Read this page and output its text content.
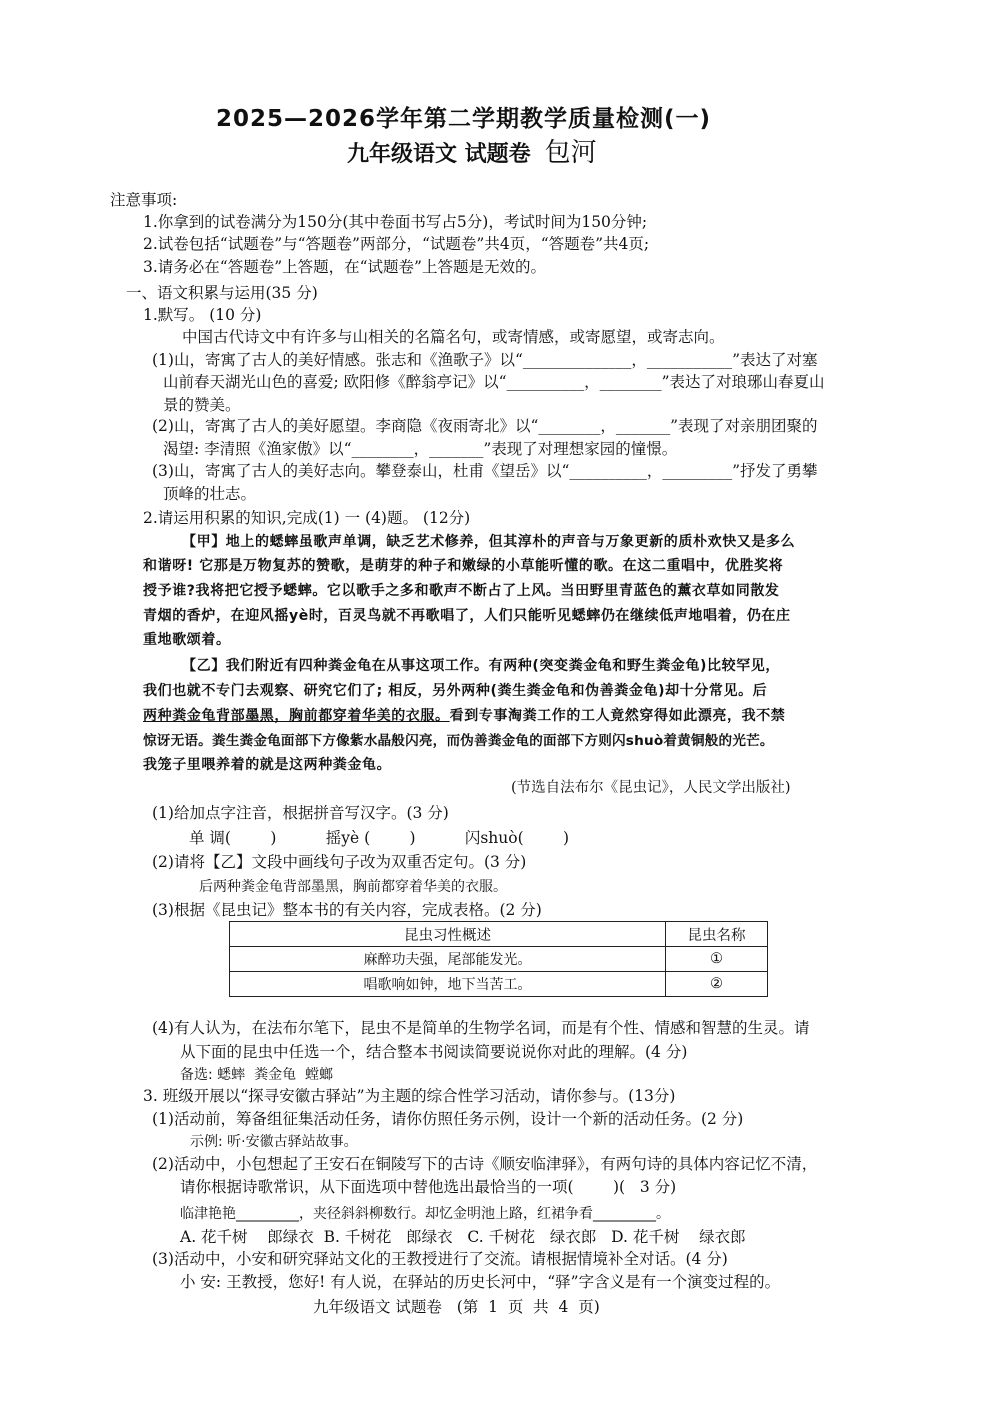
2025—2026学年第二学期教学质量检测(一)
九年级语文 试题卷 包河
注意事项:
1.你拿到的试卷满分为150分(其中卷面书写占5分)，考试时间为150分钟;
2.试卷包括“试题卷”与“答题卷”两部分，“试题卷”共4页，“答题卷”共4页;
3.请务必在“答题卷”上答题，在“试题卷”上答题是无效的。
一、语文积累与运用(35 分)
1.默写。 (10 分)
中国古代诗文中有许多与山相关的名篇名句，或寄情感，或寄愿望，或寄志向。
(1)山，寄寓了古人的美好情感。张志和《渔歌子》以“______________，___________”表达了对塞
山前春天湖光山色的喜爱; 欧阳修《醉翁亭记》以“__________，________”表达了对琅琊山春夏山
景的赞美。
(2)山，寄寓了古人的美好愿望。李商隐《夜雨寄北》以“________，_______”表现了对亲朋团聚的
渴望: 李清照《渔家傲》以“________，_______”表现了对理想家园的憧憬。
(3)山，寄寓了古人的美好志向。攀登泰山，杜甫《望岳》以“__________，_________”抒发了勇攀
顶峰的壮志。
2.请运用积累的知识,完成(1) 一 (4)题。 (12分)
【甲】地上的蟋蟀虽歌声单调，缺乏艺术修养，但其淳朴的声音与万象更新的质朴欢快又是多么
和谐呀! 它那是万物复苏的赞歌，是萌芽的种子和嫩绿的小草能听懂的歌。在这二重唱中，优胜奖将
授予谁?我将把它授予蟋蟀。它以歌手之多和歌声不断占了上风。当田野里青蓝色的薰衣草如同散发
青烟的香炉，在迎风摇yè时，百灵鸟就不再歌唱了，人们只能听见蟋蟀仍在继续低声地唱着，仍在庄
重地歌颂着。
【乙】我们附近有四种粪金龟在从事这项工作。有两种(突变粪金龟和野生粪金龟)比较罕见，
我们也就不专门去观察、研究它们了; 相反，另外两种(粪生粪金龟和伪善粪金龟)却十分常见。后
两种粪金龟背部墨黑，胸前都穿着华美的衣服。看到专事淘粪工作的工人竟然穿得如此漂亮，我不禁
惊讶无语。粪生粪金龟面部下方像紫水晶般闪亮，而伪善粪金龟的面部下方则闪shuò着黄铜般的光芒。
我笼子里喂养着的就是这两种粪金龟。
(节选自法布尔《昆虫记》，人民文学出版社)
(1)给加点字注音，根据拼音写汉字。(3 分)
单 调(        )          摇yè (        )          闪shuò(        )
(2)请将【乙】文段中画线句子改为双重否定句。(3 分)
后两种粪金龟背部墨黑，胸前都穿着华美的衣服。
(3)根据《昆虫记》整本书的有关内容，完成表格。(2 分)
昆虫习性概述	昆虫名称
麻醉功夫强，尾部能发光。	①
唱歌响如钟，地下当苦工。	②
(4)有人认为，在法布尔笔下，昆虫不是简单的生物学名词，而是有个性、情感和智慧的生灵。请
从下面的昆虫中任选一个，结合整本书阅读简要说说你对此的理解。(4 分)
备选: 蟋蟀  粪金龟  螳螂
3. 班级开展以“探寻安徽古驿站”为主题的综合性学习活动，请你参与。(13分)
(1)活动前，筹备组征集活动任务，请你仿照任务示例，设计一个新的活动任务。(2 分)
示例: 听·安徽古驿站故事。
(2)活动中，小包想起了王安石在铜陵写下的古诗《顺安临津驿》，有两句诗的具体内容记忆不清，
请你根据诗歌常识，从下面选项中替他选出最恰当的一项(        )(   3 分)
临津艳艳_________，夹径斜斜柳数行。却忆金明池上路，红裙争看_________。
A. 花千树    郎绿衣  B. 千树花   郎绿衣   C. 千树花   绿衣郎   D. 花千树    绿衣郎
(3)活动中，小安和研究驿站文化的王教授进行了交流。请根据情境补全对话。(4 分)
小 安: 王教授，您好! 有人说，在驿站的历史长河中，“驿”字含义是有一个演变过程的。
九年级语文 试题卷   (第  1  页  共  4  页)
